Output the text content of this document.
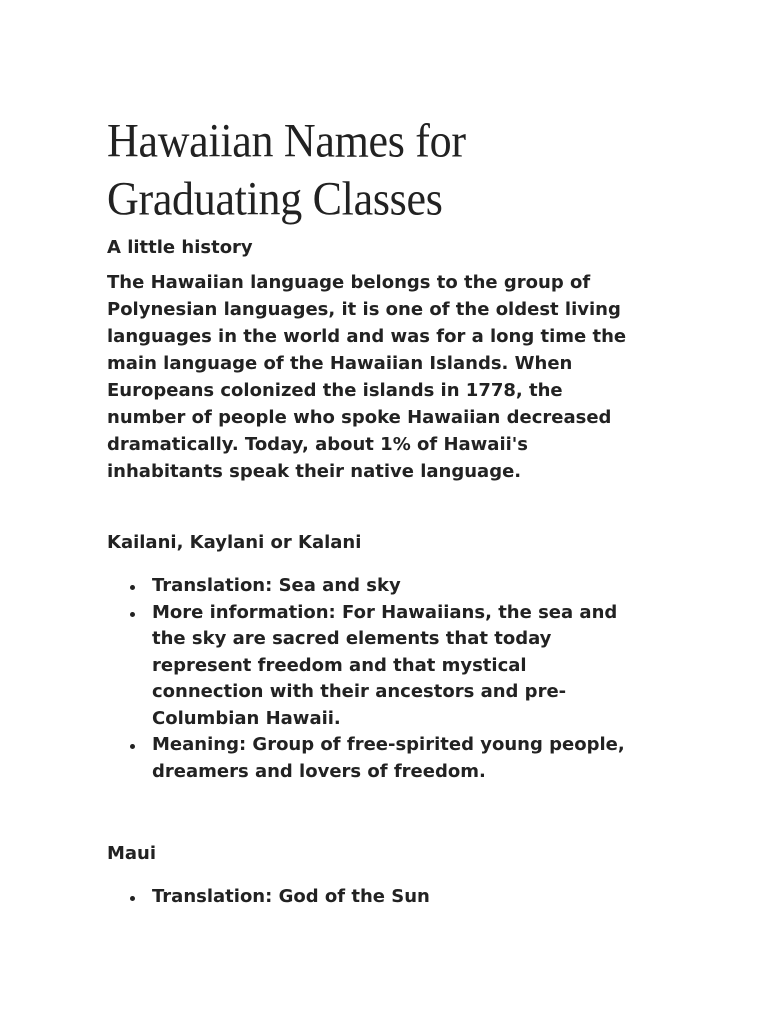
Hawaiian Names for
Graduating Classes
A little history
The Hawaiian language belongs to the group of
Polynesian languages, it is one of the oldest living
languages in the world and was for a long time the
main language of the Hawaiian Islands. When
Europeans colonized the islands in 1778, the
number of people who spoke Hawaiian decreased
dramatically. Today, about 1% of Hawaii's
inhabitants speak their native language.
Kailani, Kaylani or Kalani
Translation: Sea and sky
More information: For Hawaiians, the sea and
the sky are sacred elements that today
represent freedom and that mystical
connection with their ancestors and pre-
Columbian Hawaii.
Meaning: Group of free-spirited young people,
dreamers and lovers of freedom.
Maui
Translation: God of the Sun
